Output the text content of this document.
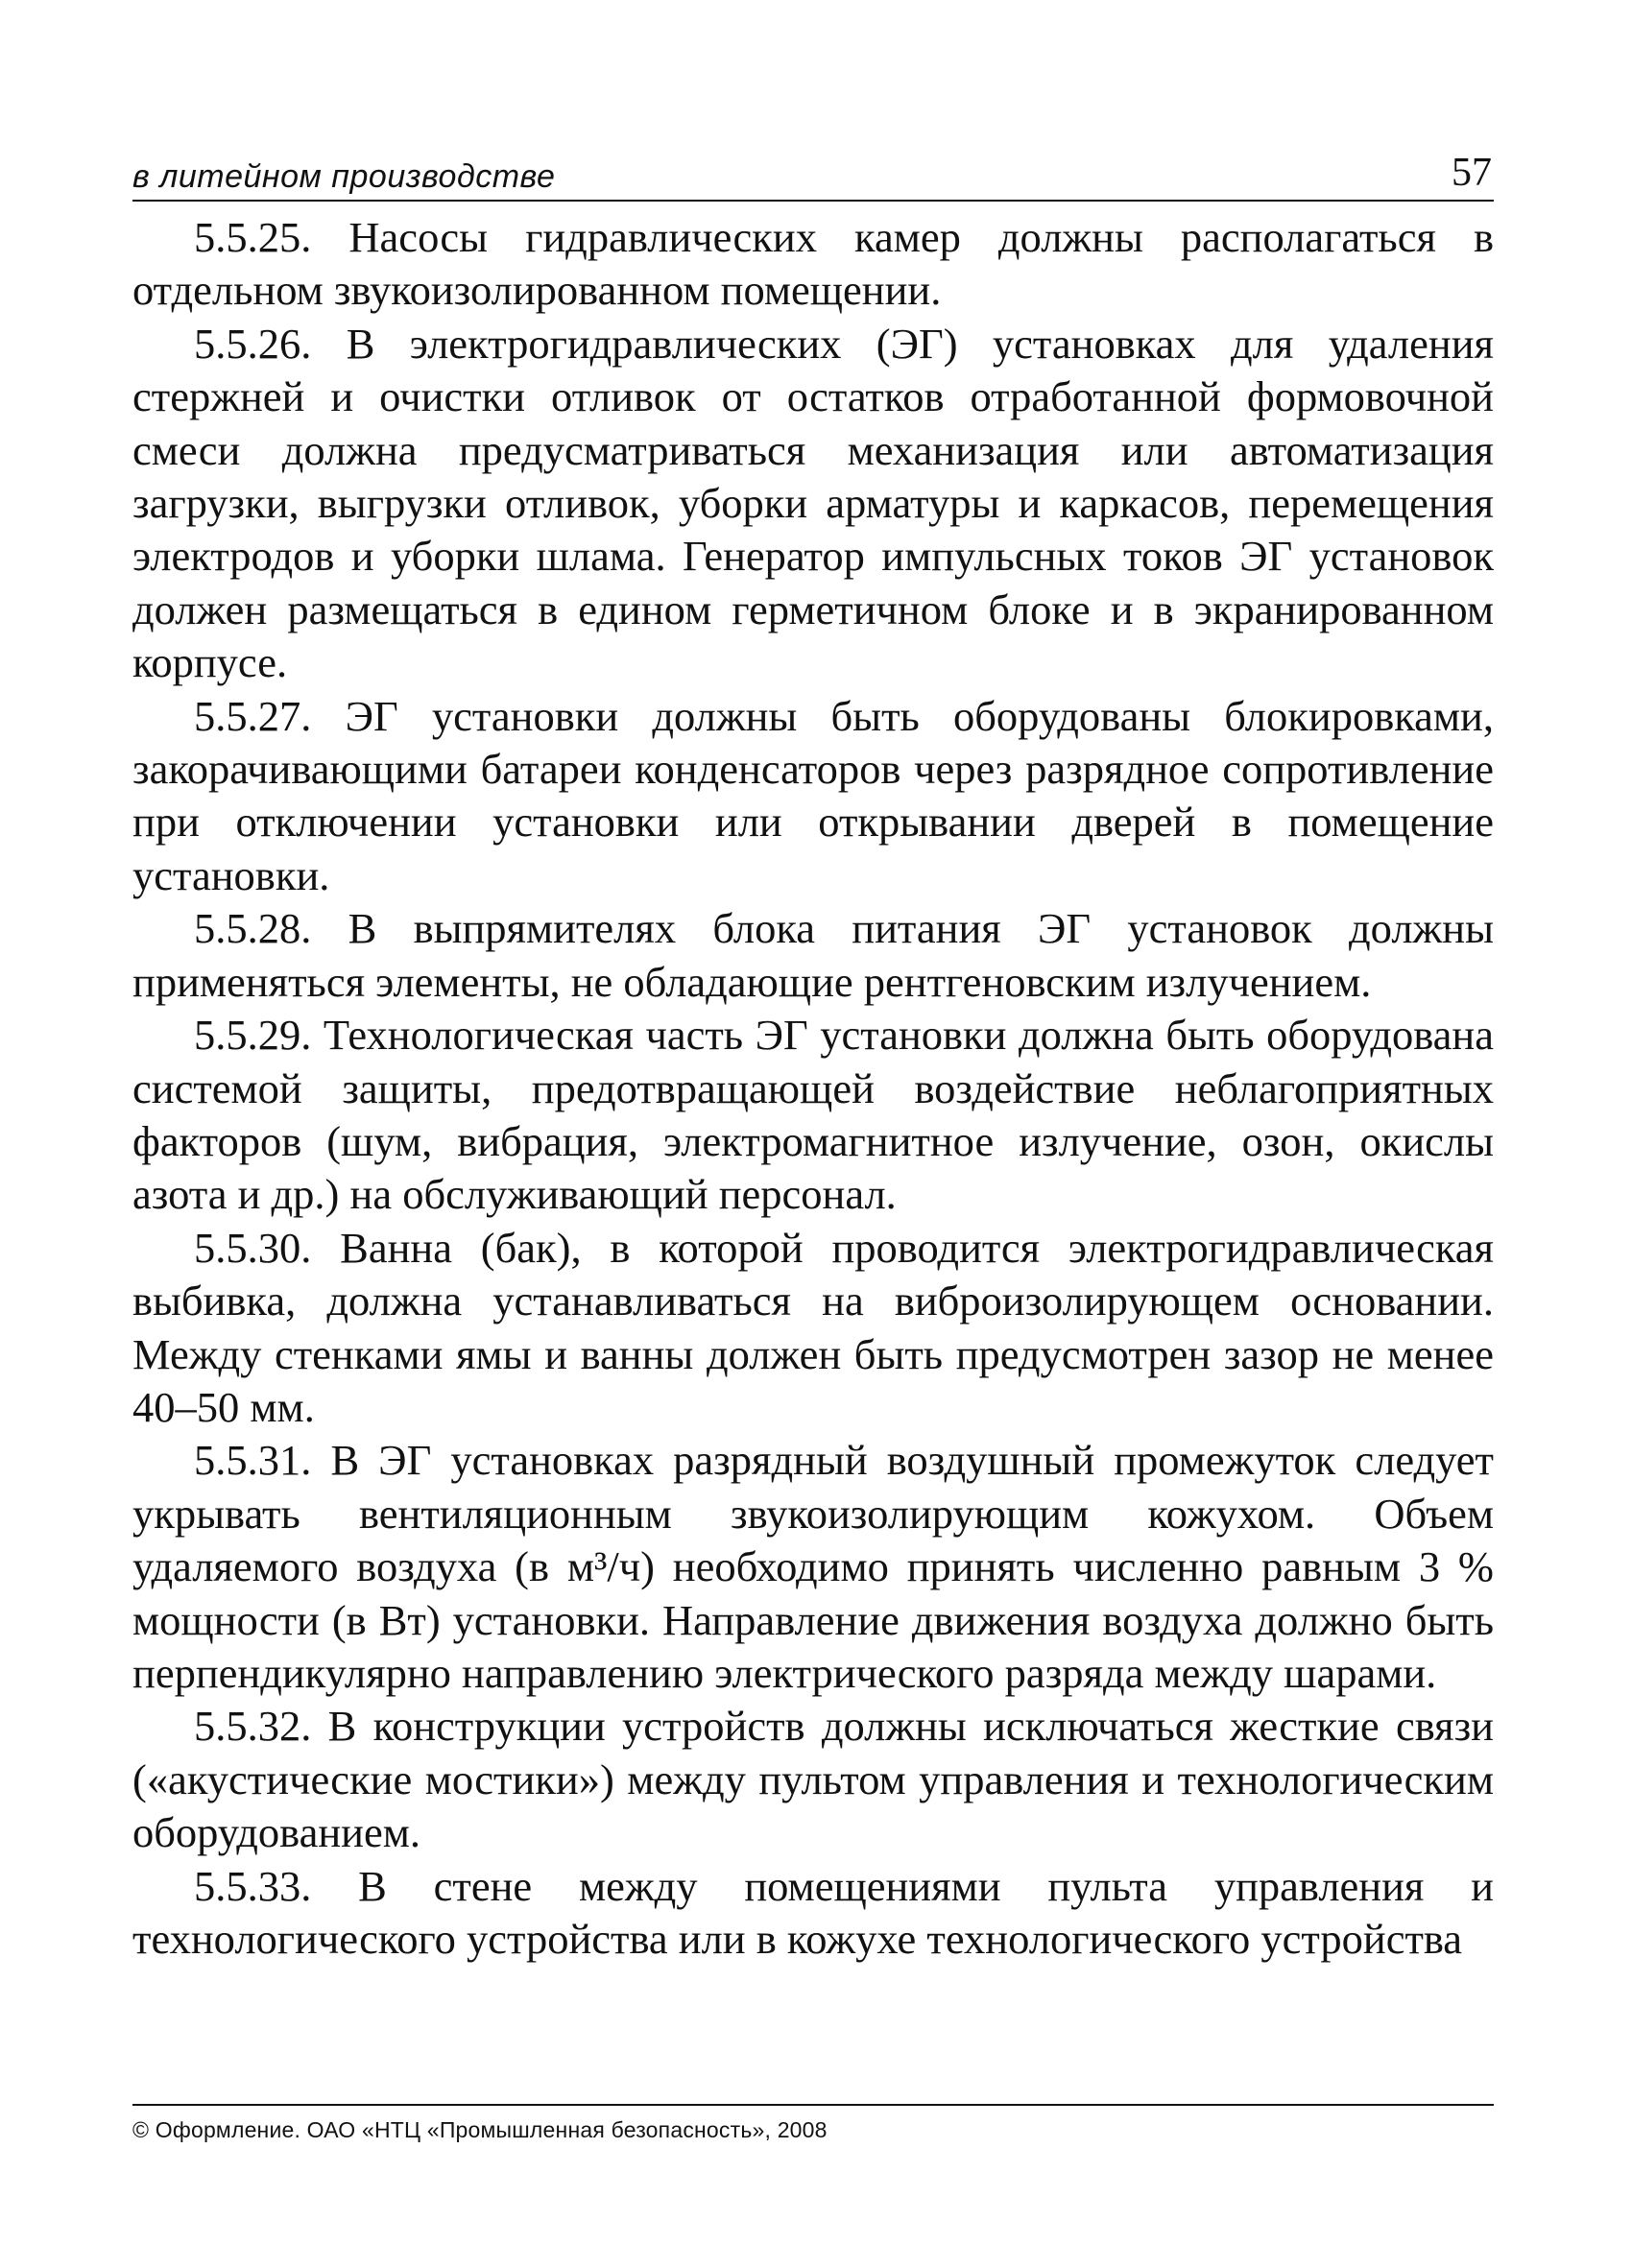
в литейном производстве	57

5.5.25. Насосы гидравлических камер должны располагаться в отдельном звукоизолированном помещении.

5.5.26. В электрогидравлических (ЭГ) установках для удаления стержней и очистки отливок от остатков отработанной формовочной смеси должна предусматриваться механизация или автоматизация загрузки, выгрузки отливок, уборки арматуры и каркасов, перемещения электродов и уборки шлама. Генератор импульсных токов ЭГ установок должен размещаться в едином герметичном блоке и в экранированном корпусе.

5.5.27. ЭГ установки должны быть оборудованы блокировками, закорачивающими батареи конденсаторов через разрядное сопротивление при отключении установки или открывании дверей в помещение установки.

5.5.28. В выпрямителях блока питания ЭГ установок должны применяться элементы, не обладающие рентгеновским излучением.

5.5.29. Технологическая часть ЭГ установки должна быть оборудована системой защиты, предотвращающей воздействие неблагоприятных факторов (шум, вибрация, электромагнитное излучение, озон, окислы азота и др.) на обслуживающий персонал.

5.5.30. Ванна (бак), в которой проводится электрогидравлическая выбивка, должна устанавливаться на виброизолирующем основании. Между стенками ямы и ванны должен быть предусмотрен зазор не менее 40–50 мм.

5.5.31. В ЭГ установках разрядный воздушный промежуток следует укрывать вентиляционным звукоизолирующим кожухом. Объем удаляемого воздуха (в м³/ч) необходимо принять численно равным 3 % мощности (в Вт) установки. Направление движения воздуха должно быть перпендикулярно направлению электрического разряда между шарами.

5.5.32. В конструкции устройств должны исключаться жесткие связи («акустические мостики») между пультом управления и технологическим оборудованием.

5.5.33. В стене между помещениями пульта управления и технологического устройства или в кожухе технологического устройства

© Оформление. ОАО «НТЦ «Промышленная безопасность», 2008
